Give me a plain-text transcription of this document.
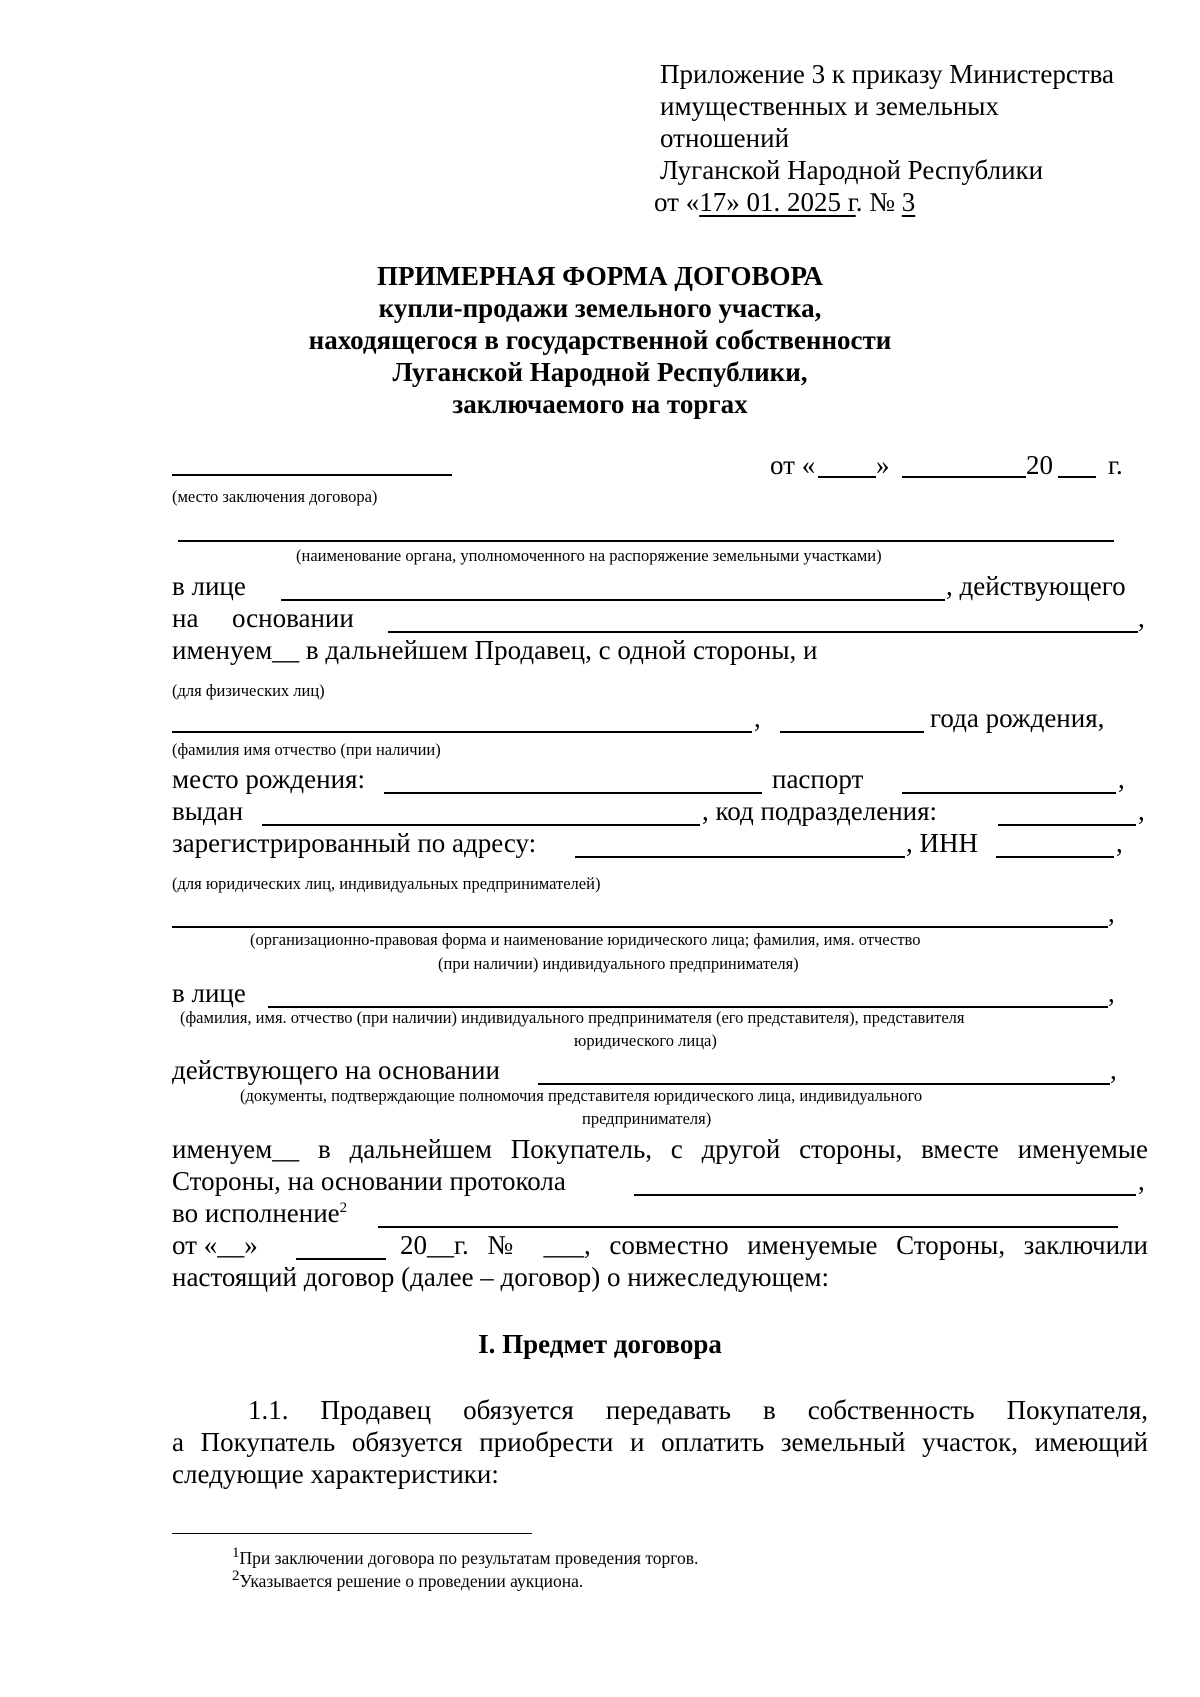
Приложение 3 к приказу Министерства
имущественных и земельных
отношений
Луганской Народной Республики
от «17» 01. 2025 г. № 3
ПРИМЕРНАЯ ФОРМА ДОГОВОРА
купли-продажи земельного участка,
находящегося в государственной собственности
Луганской Народной Республики,
заключаемого на торгах
от « »	20 г.
(место заключения договора)
(наименование органа, уполномоченного на распоряжение земельными участками)
в лице	, действующего
на основании	,
именуем__ в дальнейшем Продавец, с одной стороны, и
(для физических лиц)
,	года рождения,
(фамилия имя отчество (при наличии)
место рождения:	паспорт	,
выдан	, код подразделения:	,
зарегистрированный по адресу:	, ИНН	,
(для юридических лиц, индивидуальных предпринимателей)
,
(организационно-правовая форма и наименование юридического лица; фамилия, имя. отчество
(при наличии) индивидуального предпринимателя)
в лице	,
(фамилия, имя. отчество (при наличии) индивидуального предпринимателя (его представителя), представителя
юридического лица)
действующего на основании	,
(документы, подтверждающие полномочия представителя юридического лица, индивидуального
предпринимателя)
именуем__ в дальнейшем Покупатель, с другой стороны, вместе именуемые
Стороны, на основании протокола	,
во исполнение$^2$
от «__»	20__г. № ___, совместно именуемые Стороны, заключили
настоящий договор (далее – договор) о нижеследующем:
I. Предмет договора
1.1. Продавец обязуется передавать в собственность Покупателя,
а Покупатель обязуется приобрести и оплатить земельный участок, имеющий
следующие характеристики:
1При заключении договора по результатам проведения торгов.
2Указывается решение о проведении аукциона.
